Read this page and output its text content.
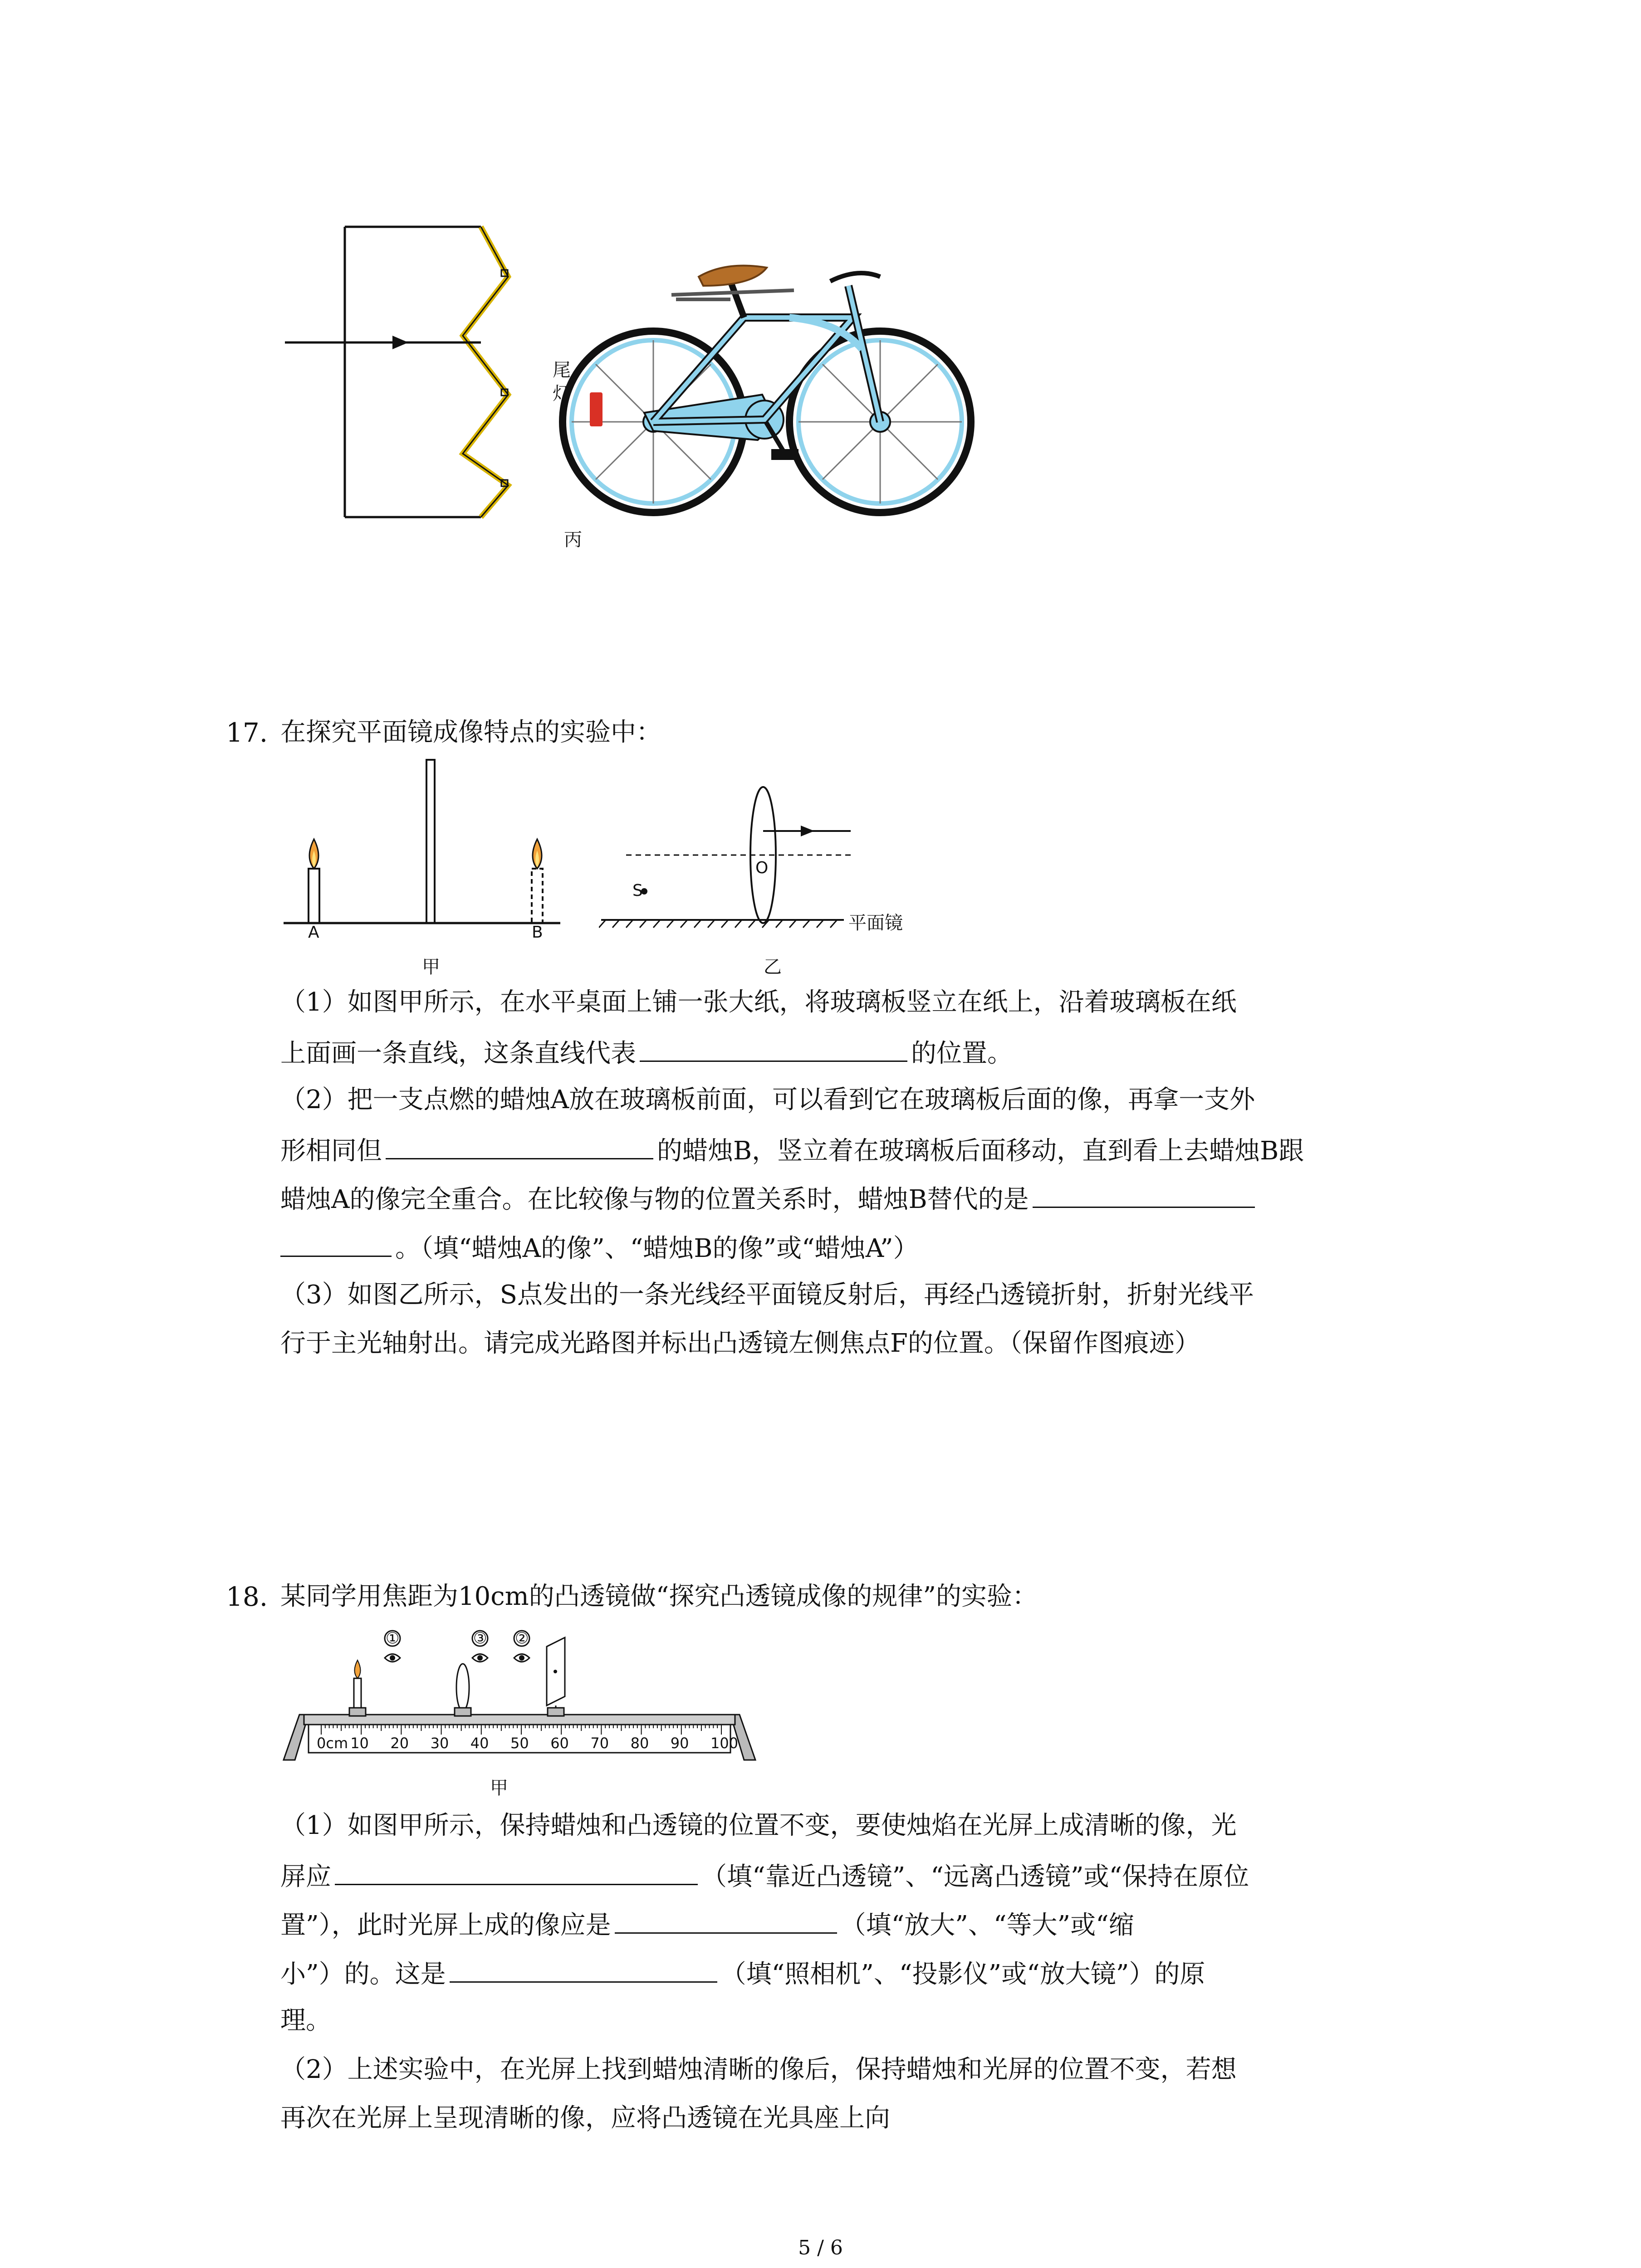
尾
灯
丙
17. 在探究平面镜成像特点的实验中：
A	B
甲
S
O
平面镜
乙
（1）如图甲所示，在水平桌面上铺一张大纸，将玻璃板竖立在纸上，沿着玻璃板在纸
上面画一条直线，这条直线代表	的位置。
（2）把一支点燃的蜡烛A放在玻璃板前面，可以看到它在玻璃板后面的像，再拿一支外
形相同但	的蜡烛B，竖立着在玻璃板后面移动，直到看上去蜡烛B跟
蜡烛A的像完全重合。在比较像与物的位置关系时，蜡烛B替代的是
。（填“蜡烛A的像”、“蜡烛B的像”或“蜡烛A”）
（3）如图乙所示，S点发出的一条光线经平面镜反射后，再经凸透镜折射，折射光线平
行于主光轴射出。请完成光路图并标出凸透镜左侧焦点F的位置。（保留作图痕迹）
18. 某同学用焦距为10cm的凸透镜做“探究凸透镜成像的规律”的实验：
①	③ ②
0cm 10 20 30 40 50 60 70 80 90 100
甲
（1）如图甲所示，保持蜡烛和凸透镜的位置不变，要使烛焰在光屏上成清晰的像，光
屏应	（填“靠近凸透镜”、“远离凸透镜”或“保持在原位
置”），此时光屏上成的像应是	（填“放大”、“等大”或“缩
小”）的。这是	（填“照相机”、“投影仪”或“放大镜”）的原
理。
（2）上述实验中，在光屏上找到蜡烛清晰的像后，保持蜡烛和光屏的位置不变，若想
再次在光屏上呈现清晰的像，应将凸透镜在光具座上向
5 / 6
